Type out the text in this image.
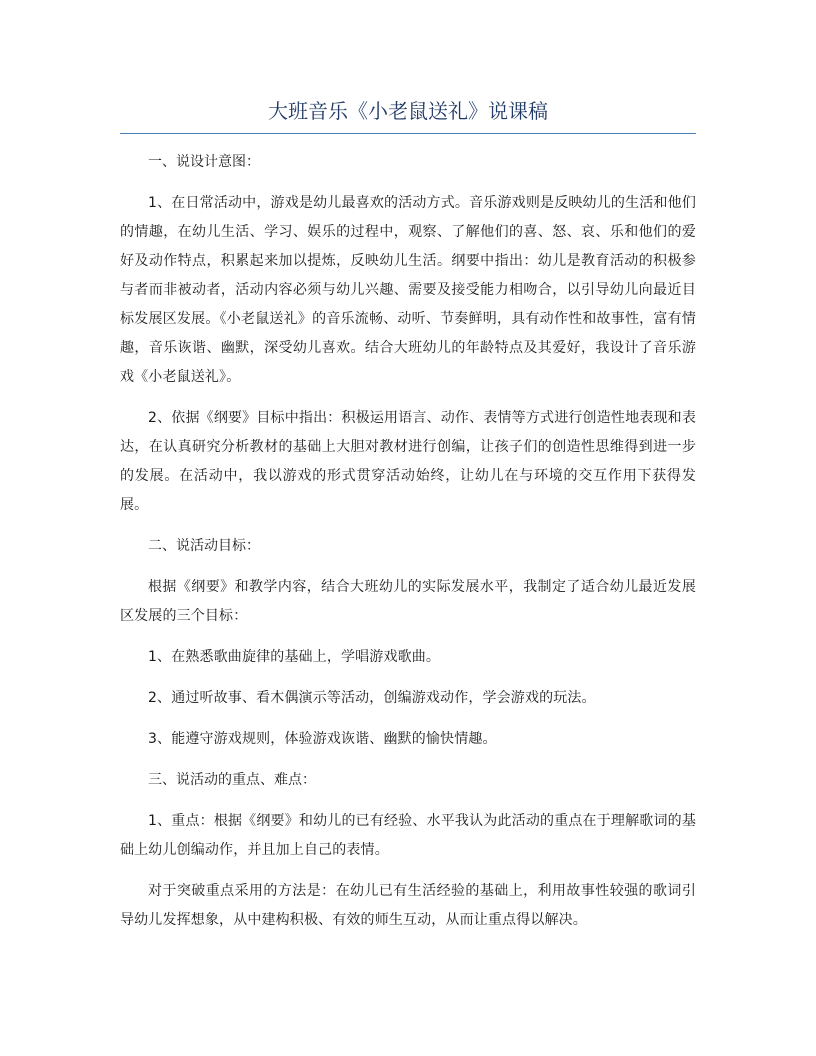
大班音乐《小老鼠送礼》说课稿

一、说设计意图：

1、在日常活动中，游戏是幼儿最喜欢的活动方式。音乐游戏则是反映幼儿的生活和他们的情趣，在幼儿生活、学习、娱乐的过程中，观察、了解他们的喜、怒、哀、乐和他们的爱好及动作特点，积累起来加以提炼，反映幼儿生活。纲要中指出：幼儿是教育活动的积极参与者而非被动者，活动内容必须与幼儿兴趣、需要及接受能力相吻合，以引导幼儿向最近目标发展区发展。《小老鼠送礼》的音乐流畅、动听、节奏鲜明，具有动作性和故事性，富有情趣，音乐诙谐、幽默，深受幼儿喜欢。结合大班幼儿的年龄特点及其爱好，我设计了音乐游戏《小老鼠送礼》。

2、依据《纲要》目标中指出：积极运用语言、动作、表情等方式进行创造性地表现和表达，在认真研究分析教材的基础上大胆对教材进行创编，让孩子们的创造性思维得到进一步的发展。在活动中，我以游戏的形式贯穿活动始终，让幼儿在与环境的交互作用下获得发展。

二、说活动目标：

根据《纲要》和教学内容，结合大班幼儿的实际发展水平，我制定了适合幼儿最近发展区发展的三个目标：

1、在熟悉歌曲旋律的基础上，学唱游戏歌曲。

2、通过听故事、看木偶演示等活动，创编游戏动作，学会游戏的玩法。

3、能遵守游戏规则，体验游戏诙谐、幽默的愉快情趣。

三、说活动的重点、难点：

1、重点：根据《纲要》和幼儿的已有经验、水平我认为此活动的重点在于理解歌词的基础上幼儿创编动作，并且加上自己的表情。

对于突破重点采用的方法是：在幼儿已有生活经验的基础上，利用故事性较强的歌词引导幼儿发挥想象，从中建构积极、有效的师生互动，从而让重点得以解决。
